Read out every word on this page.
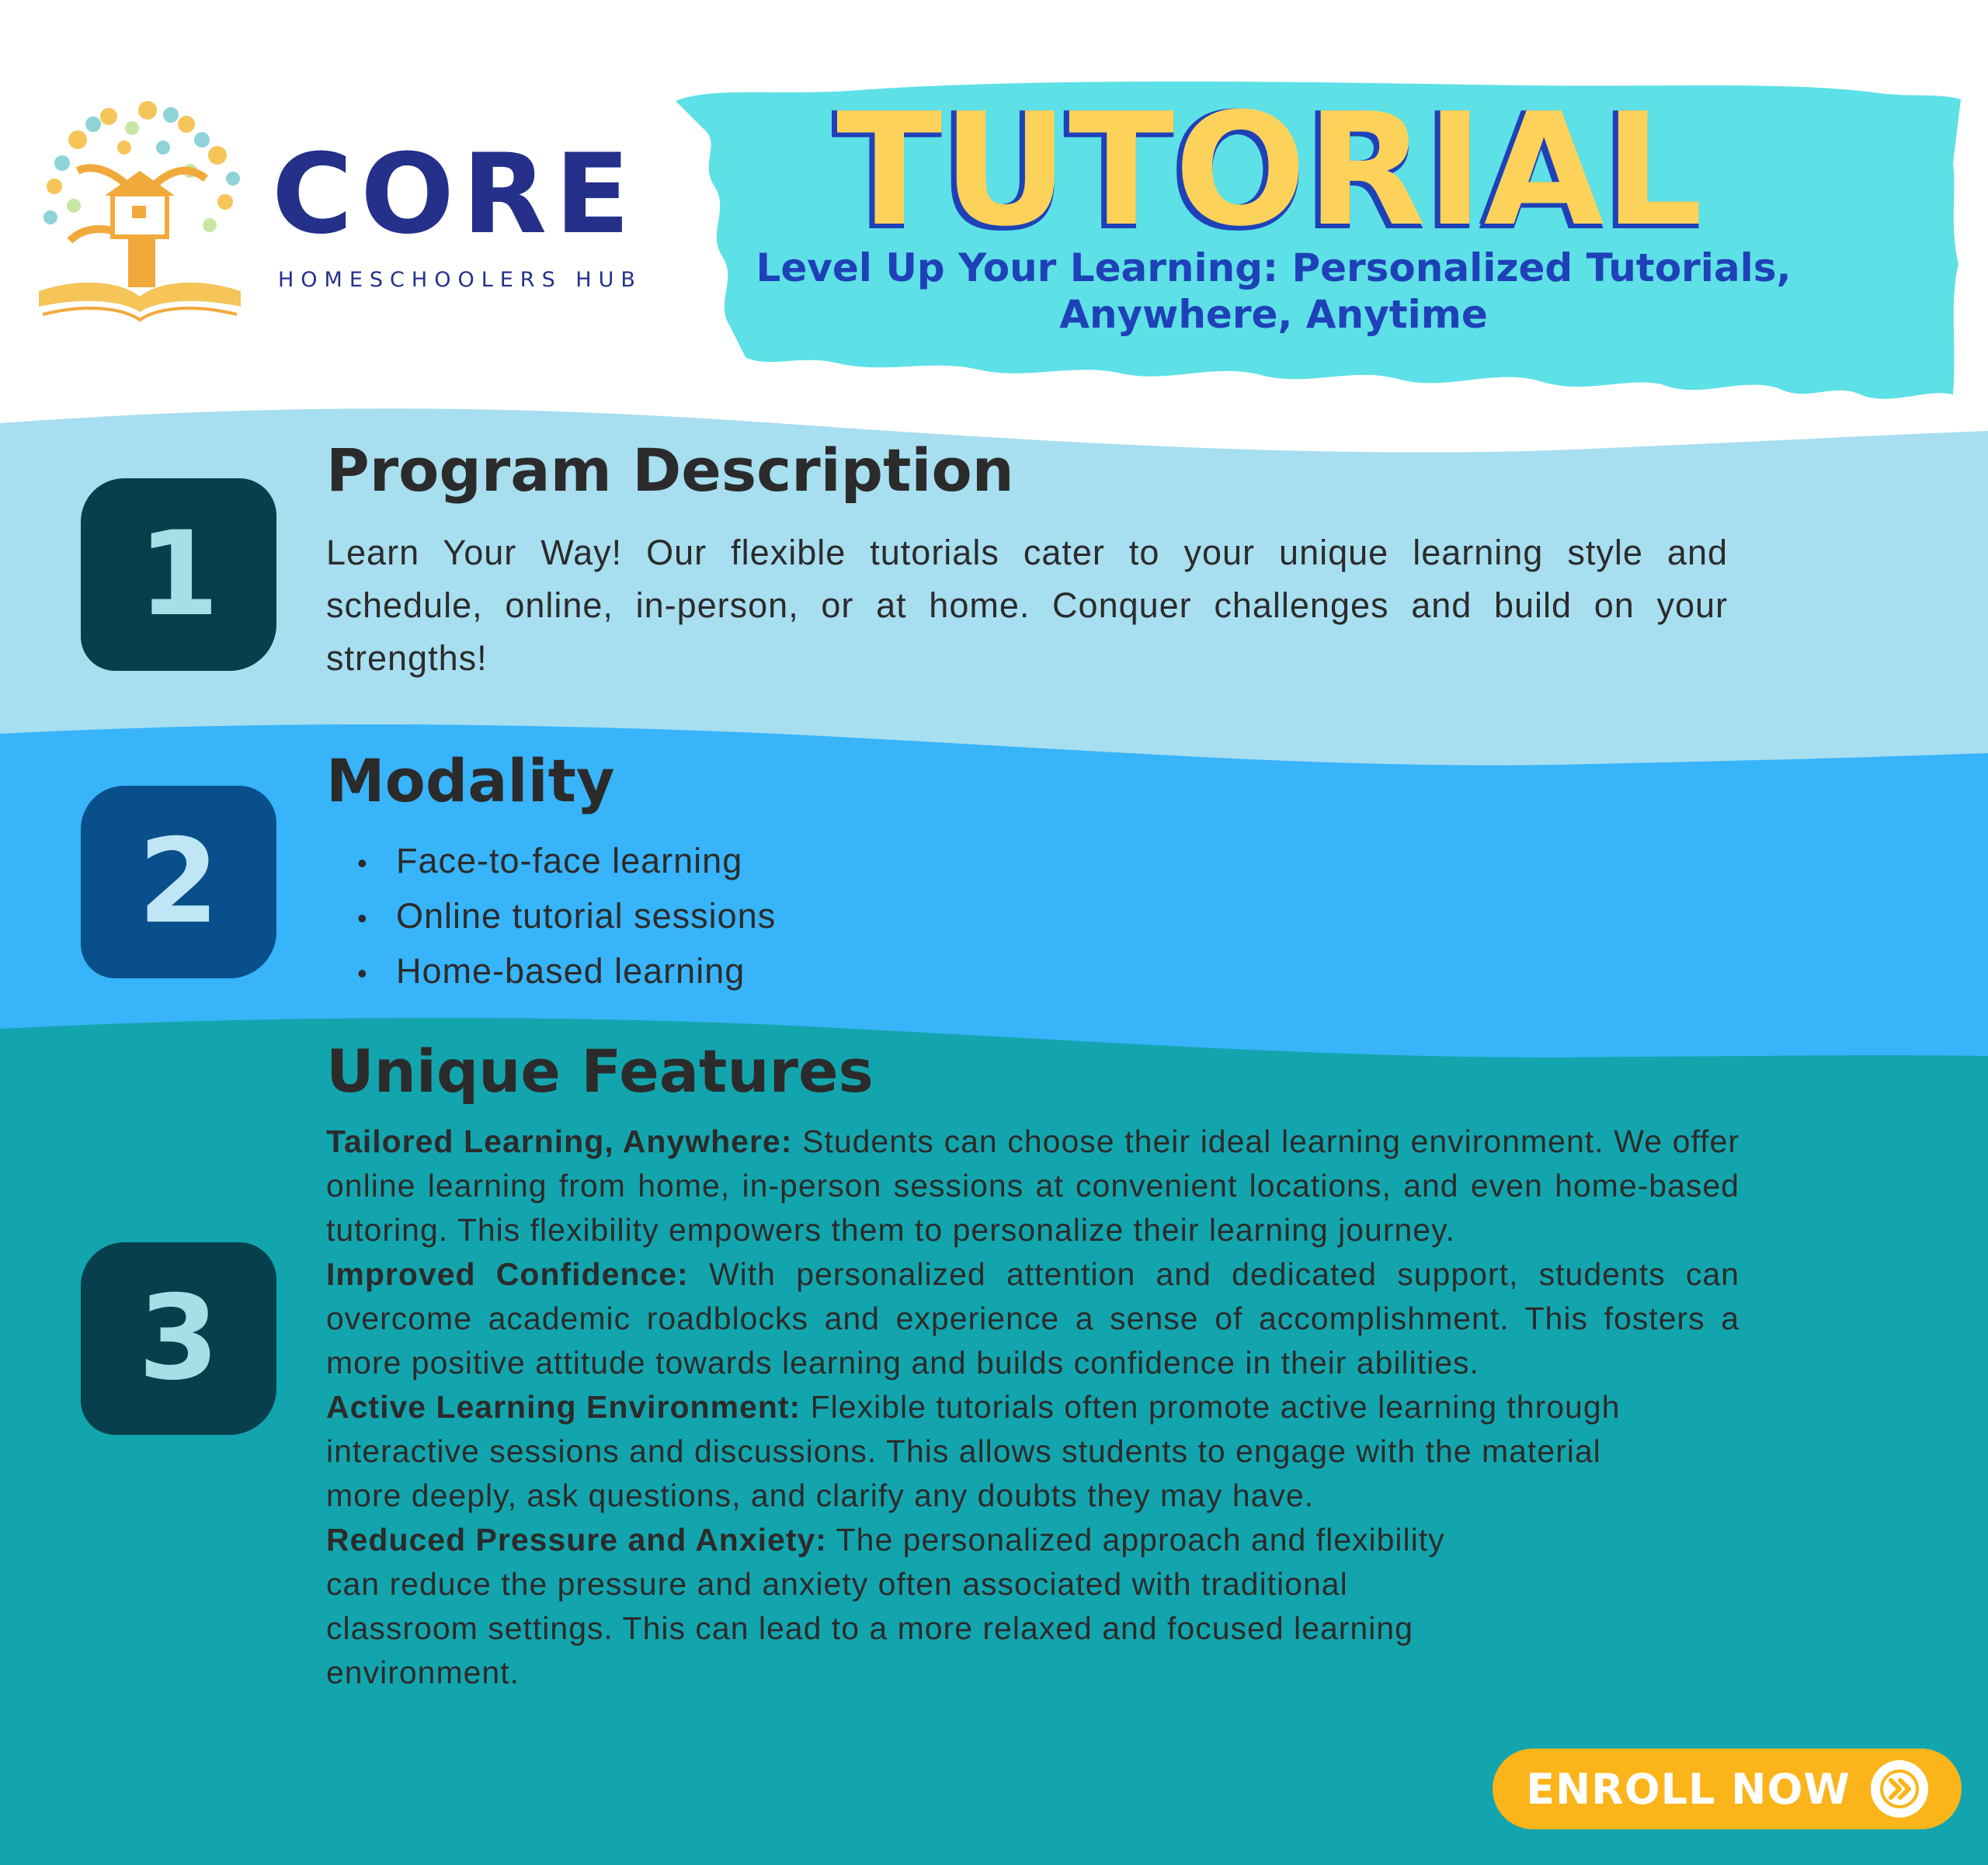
CORE
HOMESCHOOLERS HUB
TUTORIAL
Level Up Your Learning: Personalized Tutorials,
Anywhere, Anytime
1
Program Description
Learn Your Way! Our flexible tutorials cater to your unique learning style and schedule, online, in-person, or at home. Conquer challenges and build on your strengths!
2
Modality
• Face-to-face learning
• Online tutorial sessions
• Home-based learning
3
Unique Features

Tailored Learning, Anywhere: Students can choose their ideal learning environment. We offer online learning from home, in-person sessions at convenient locations, and even home-based tutoring. This flexibility empowers them to personalize their learning journey.

Improved Confidence: With personalized attention and dedicated support, students can overcome academic roadblocks and experience a sense of accomplishment. This fosters a more positive attitude towards learning and builds confidence in their abilities.

Active Learning Environment: Flexible tutorials often promote active learning through interactive sessions and discussions. This allows students to engage with the material more deeply, ask questions, and clarify any doubts they may have.

Reduced Pressure and Anxiety: The personalized approach and flexibility can reduce the pressure and anxiety often associated with traditional classroom settings. This can lead to a more relaxed and focused learning environment.

ENROLL NOW
